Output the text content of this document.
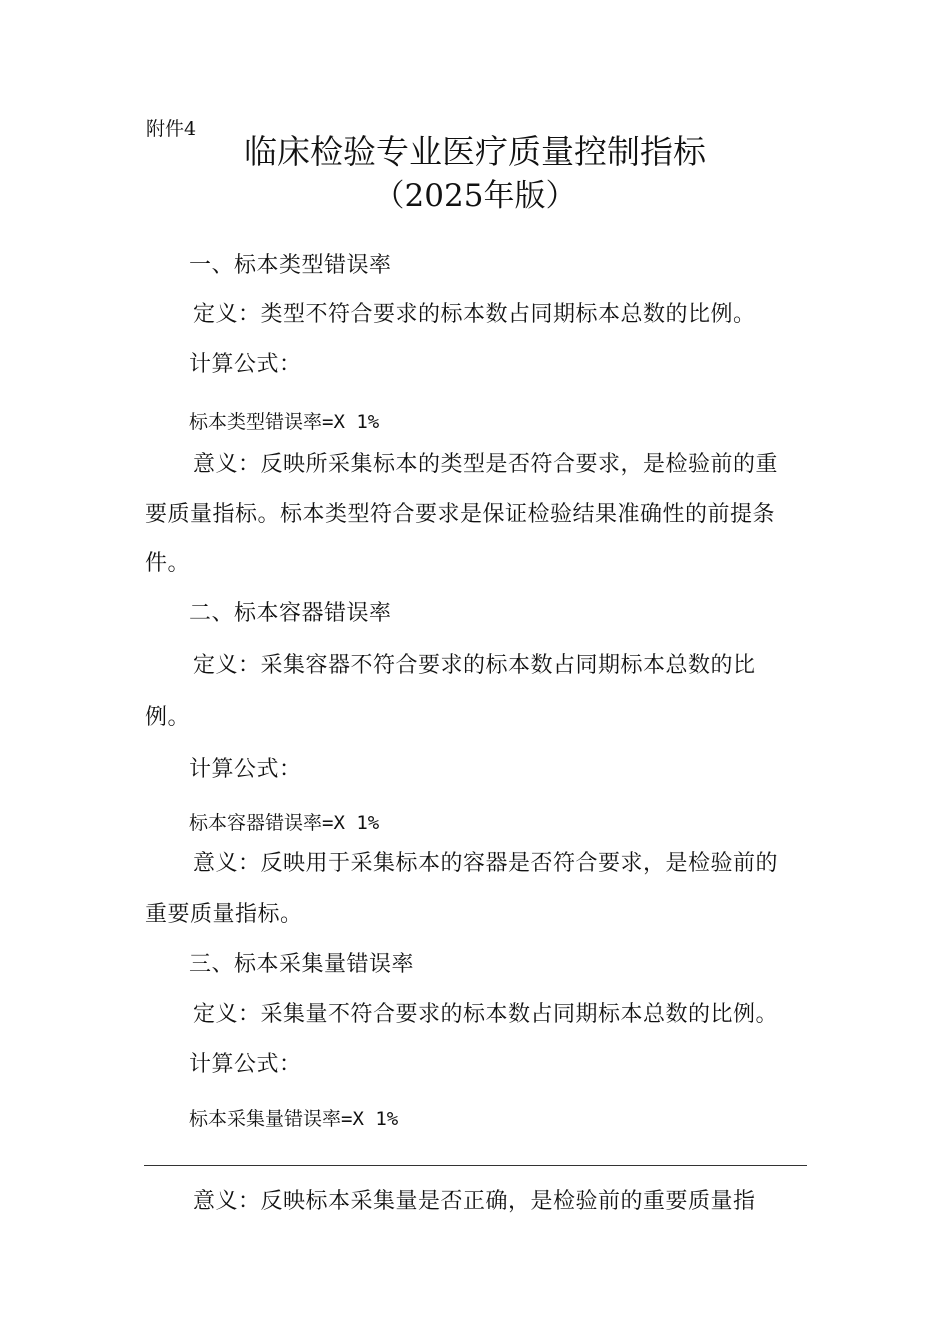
附件4
临床检验专业医疗质量控制指标
（2025年版）
一、标本类型错误率
定义：类型不符合要求的标本数占同期标本总数的比例。
计算公式：
标本类型错误率=X 1%
意义：反映所采集标本的类型是否符合要求，是检验前的重
要质量指标。标本类型符合要求是保证检验结果准确性的前提条
件。
二、标本容器错误率
定义：采集容器不符合要求的标本数占同期标本总数的比
例。
计算公式：
标本容器错误率=X 1%
意义：反映用于采集标本的容器是否符合要求，是检验前的
重要质量指标。
三、标本采集量错误率
定义：采集量不符合要求的标本数占同期标本总数的比例。
计算公式：
标本采集量错误率=X 1%
意义：反映标本采集量是否正确，是检验前的重要质量指
